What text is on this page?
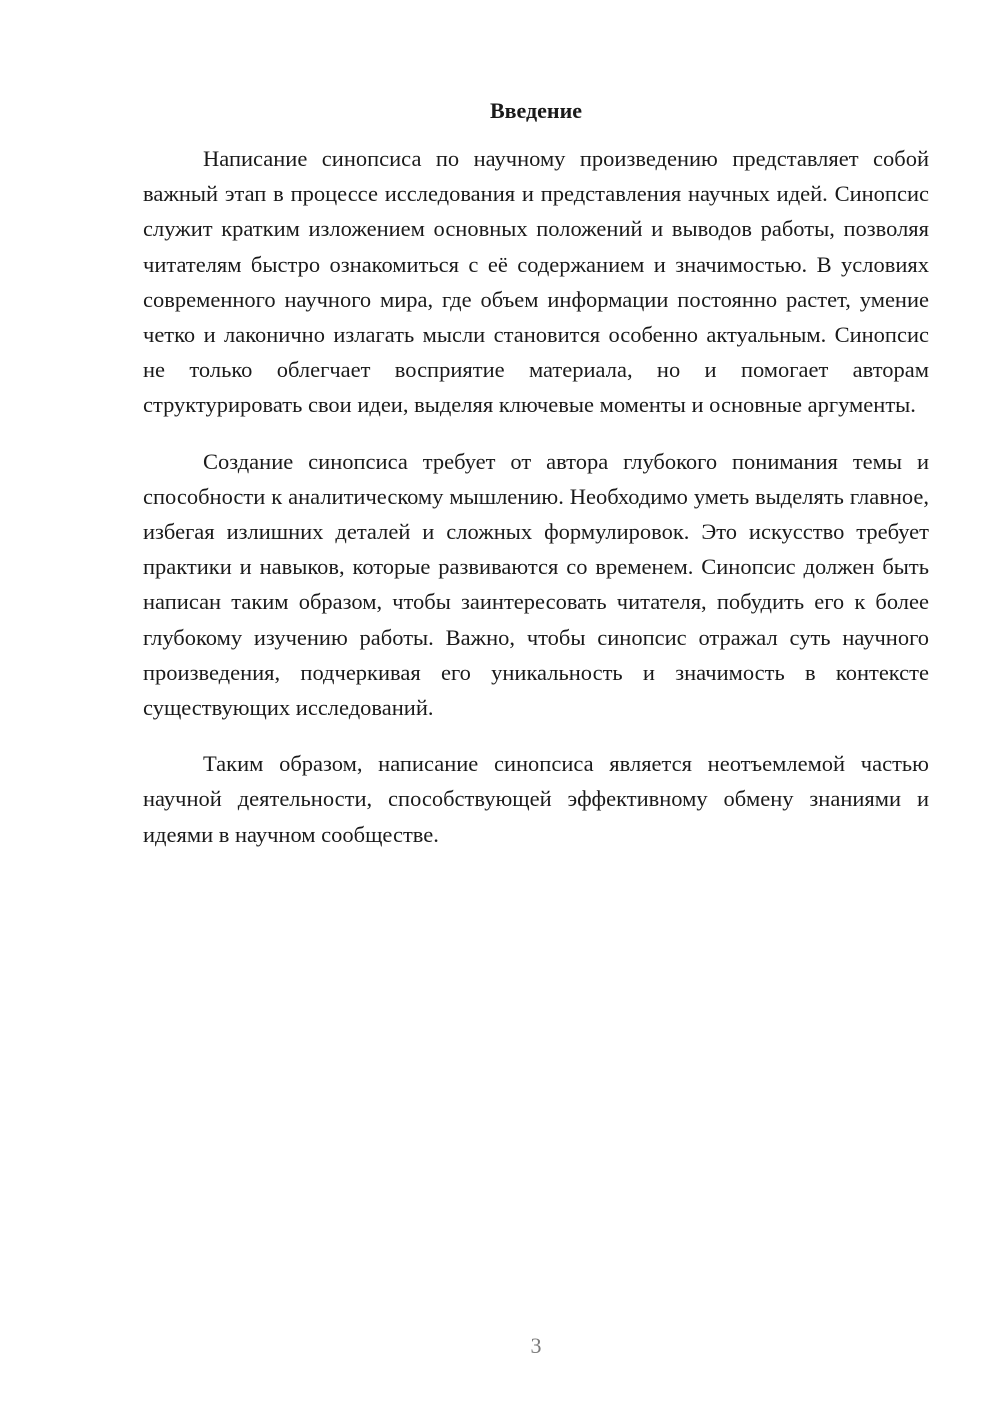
Введение

Написание синопсиса по научному произведению представляет собой важный этап в процессе исследования и представления научных идей. Синопсис служит кратким изложением основных положений и выводов работы, позволяя читателям быстро ознакомиться с её содержанием и значимостью. В условиях современного научного мира, где объем информации постоянно растет, умение четко и лаконично излагать мысли становится особенно актуальным. Синопсис не только облегчает восприятие материала, но и помогает авторам структурировать свои идеи, выделяя ключевые моменты и основные аргументы.

Создание синопсиса требует от автора глубокого понимания темы и способности к аналитическому мышлению. Необходимо уметь выделять главное, избегая излишних деталей и сложных формулировок. Это искусство требует практики и навыков, которые развиваются со временем. Синопсис должен быть написан таким образом, чтобы заинтересовать читателя, побудить его к более глубокому изучению работы. Важно, чтобы синопсис отражал суть научного произведения, подчеркивая его уникальность и значимость в контексте существующих исследований.

Таким образом, написание синопсиса является неотъемлемой частью научной деятельности, способствующей эффективному обмену знаниями и идеями в научном сообществе.

3
